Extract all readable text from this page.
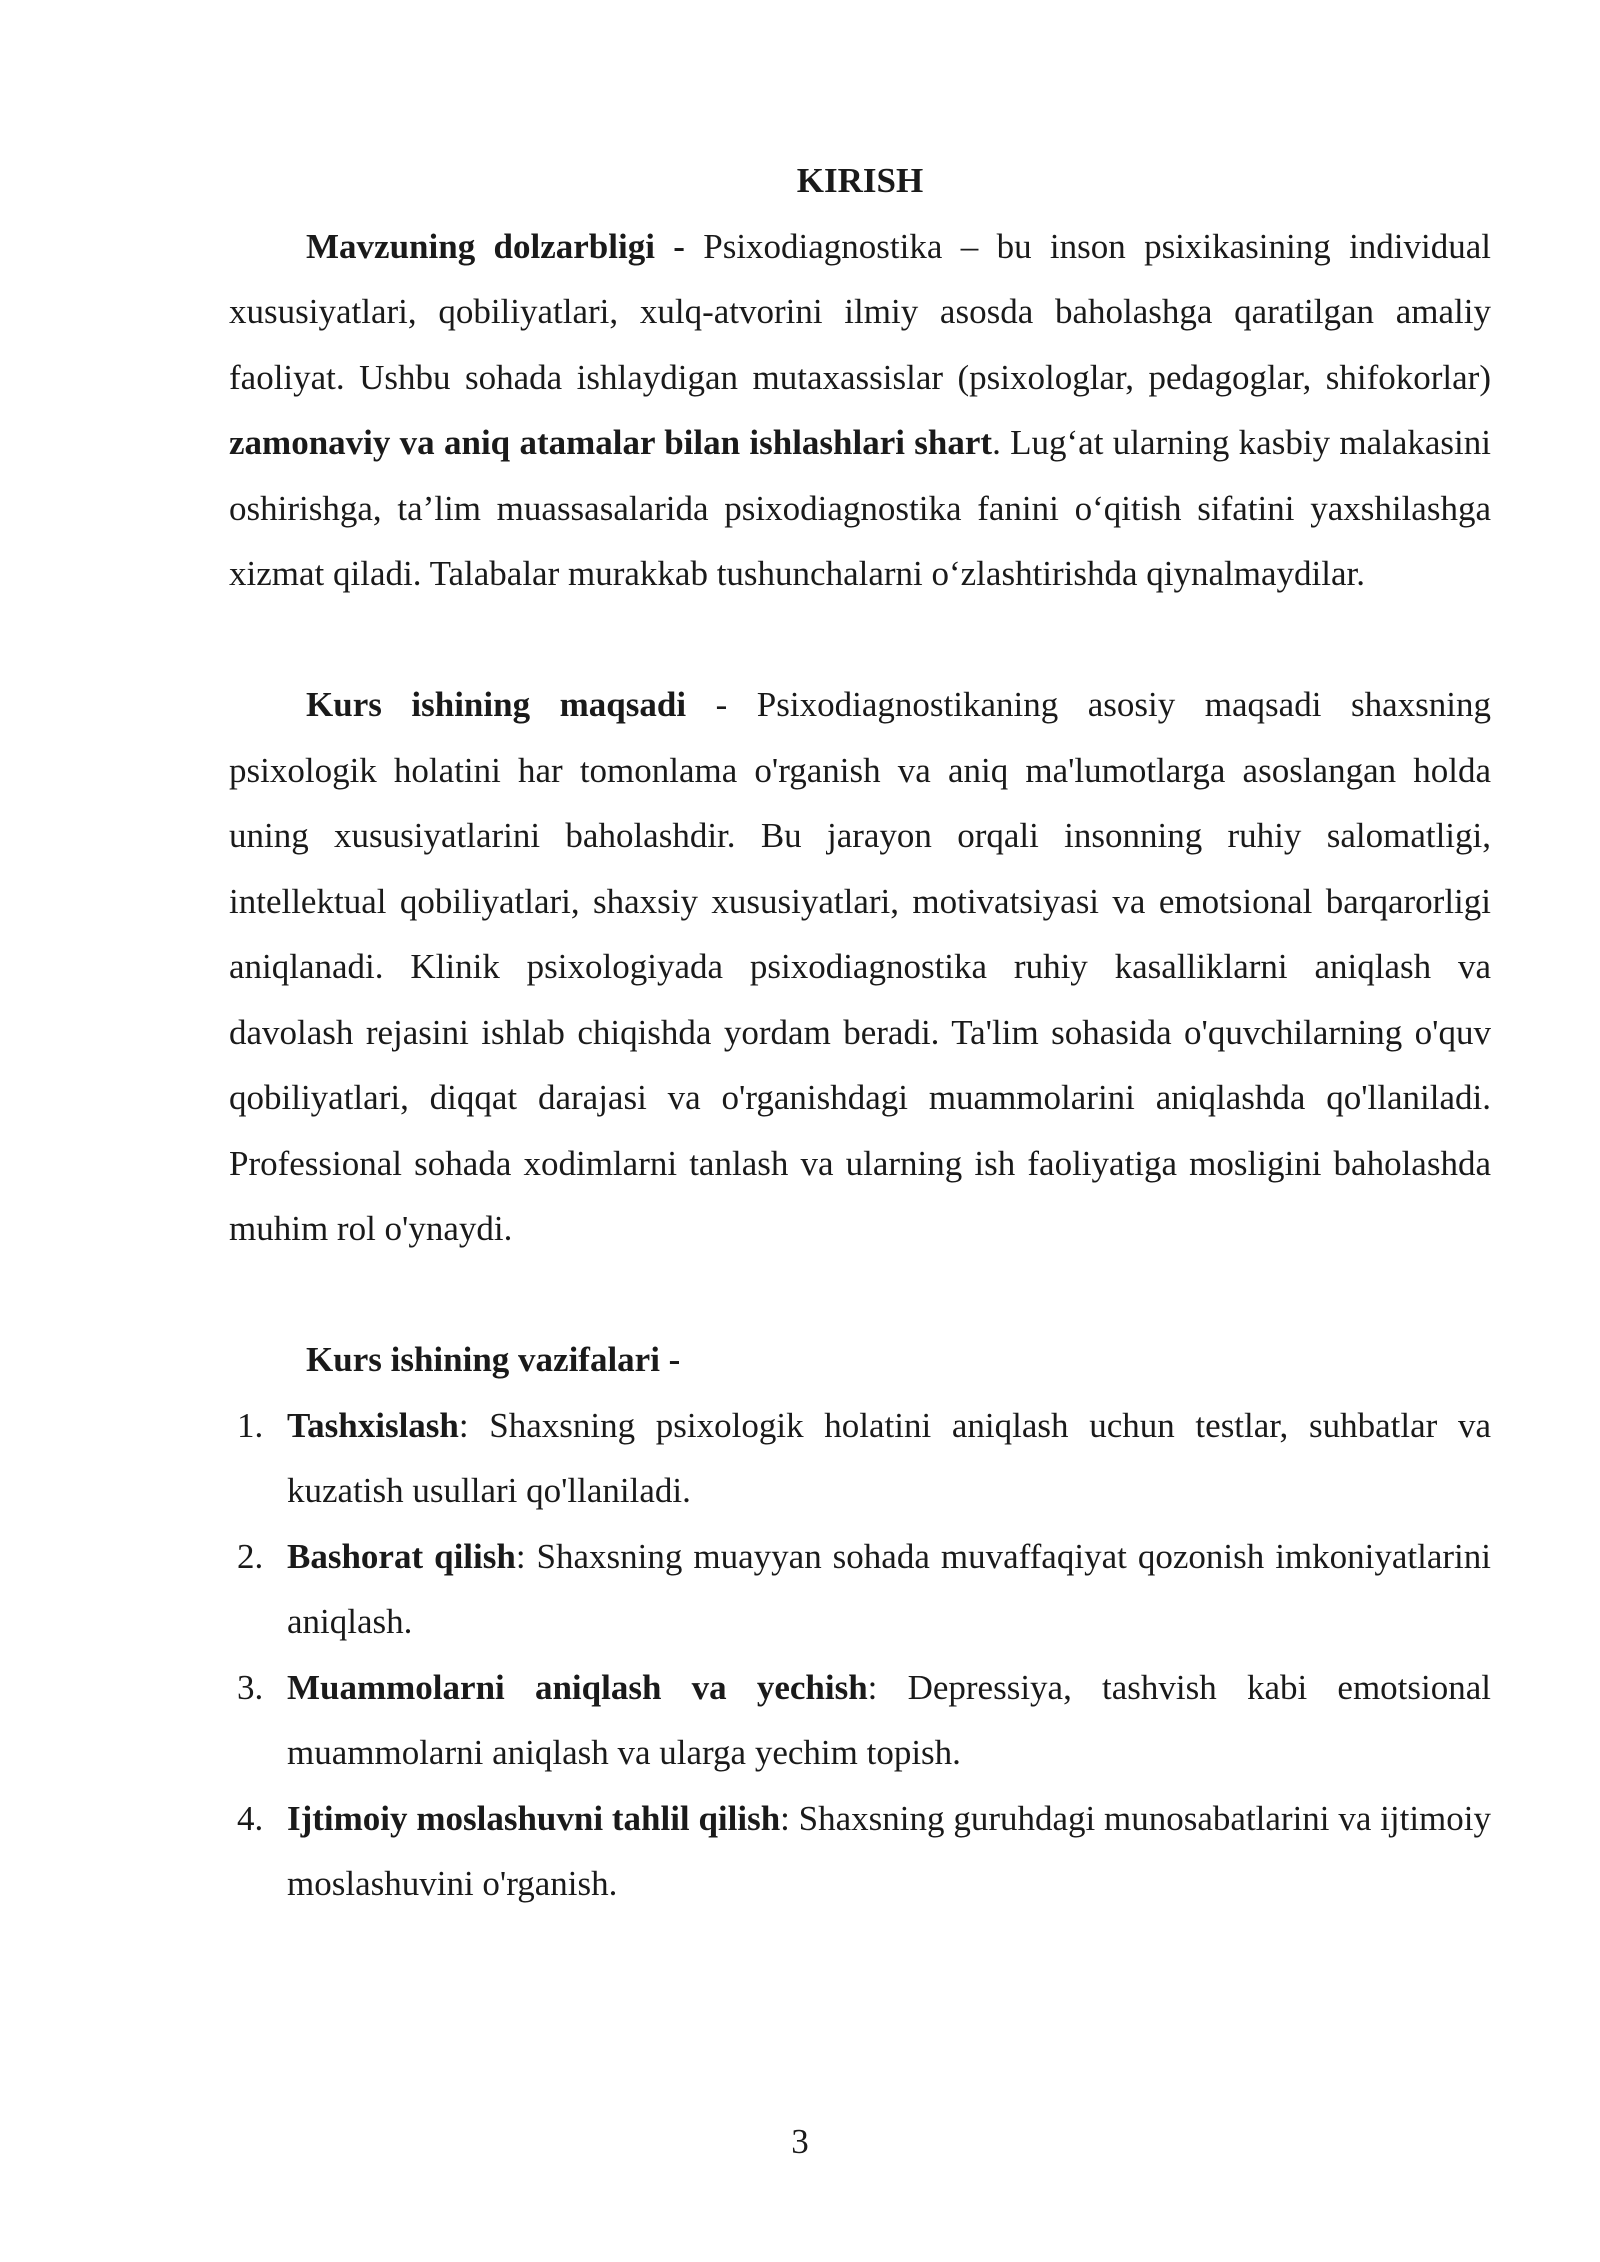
KIRISH

Mavzuning dolzarbligi - Psixodiagnostika – bu inson psixikasining individual xususiyatlari, qobiliyatlari, xulq-atvorini ilmiy asosda baholashga qaratilgan amaliy faoliyat. Ushbu sohada ishlaydigan mutaxassislar (psixologlar, pedagoglar, shifokorlar) zamonaviy va aniq atamalar bilan ishlashlari shart. Lug‘at ularning kasbiy malakasini oshirishga, ta’lim muassasalarida psixodiagnostika fanini o‘qitish sifatini yaxshilashga xizmat qiladi. Talabalar murakkab tushunchalarni o‘zlashtirishda qiynalmaydilar.

Kurs ishining maqsadi - Psixodiagnostikaning asosiy maqsadi shaxsning psixologik holatini har tomonlama o'rganish va aniq ma'lumotlarga asoslangan holda uning xususiyatlarini baholashdir. Bu jarayon orqali insonning ruhiy salomatligi, intellektual qobiliyatlari, shaxsiy xususiyatlari, motivatsiyasi va emotsional barqarorligi aniqlanadi. Klinik psixologiyada psixodiagnostika ruhiy kasalliklarni aniqlash va davolash rejasini ishlab chiqishda yordam beradi. Ta'lim sohasida o'quvchilarning o'quv qobiliyatlari, diqqat darajasi va o'rganishdagi muammolarini aniqlashda qo'llaniladi. Professional sohada xodimlarni tanlash va ularning ish faoliyatiga mosligini baholashda muhim rol o'ynaydi.

Kurs ishining vazifalari -

1. Tashxislash: Shaxsning psixologik holatini aniqlash uchun testlar, suhbatlar va kuzatish usullari qo'llaniladi.
2. Bashorat qilish: Shaxsning muayyan sohada muvaffaqiyat qozonish imkoniyatlarini aniqlash.
3. Muammolarni aniqlash va yechish: Depressiya, tashvish kabi emotsional muammolarni aniqlash va ularga yechim topish.
4. Ijtimoiy moslashuvni tahlil qilish: Shaxsning guruhdagi munosabatlarini va ijtimoiy moslashuvini o'rganish.
3
